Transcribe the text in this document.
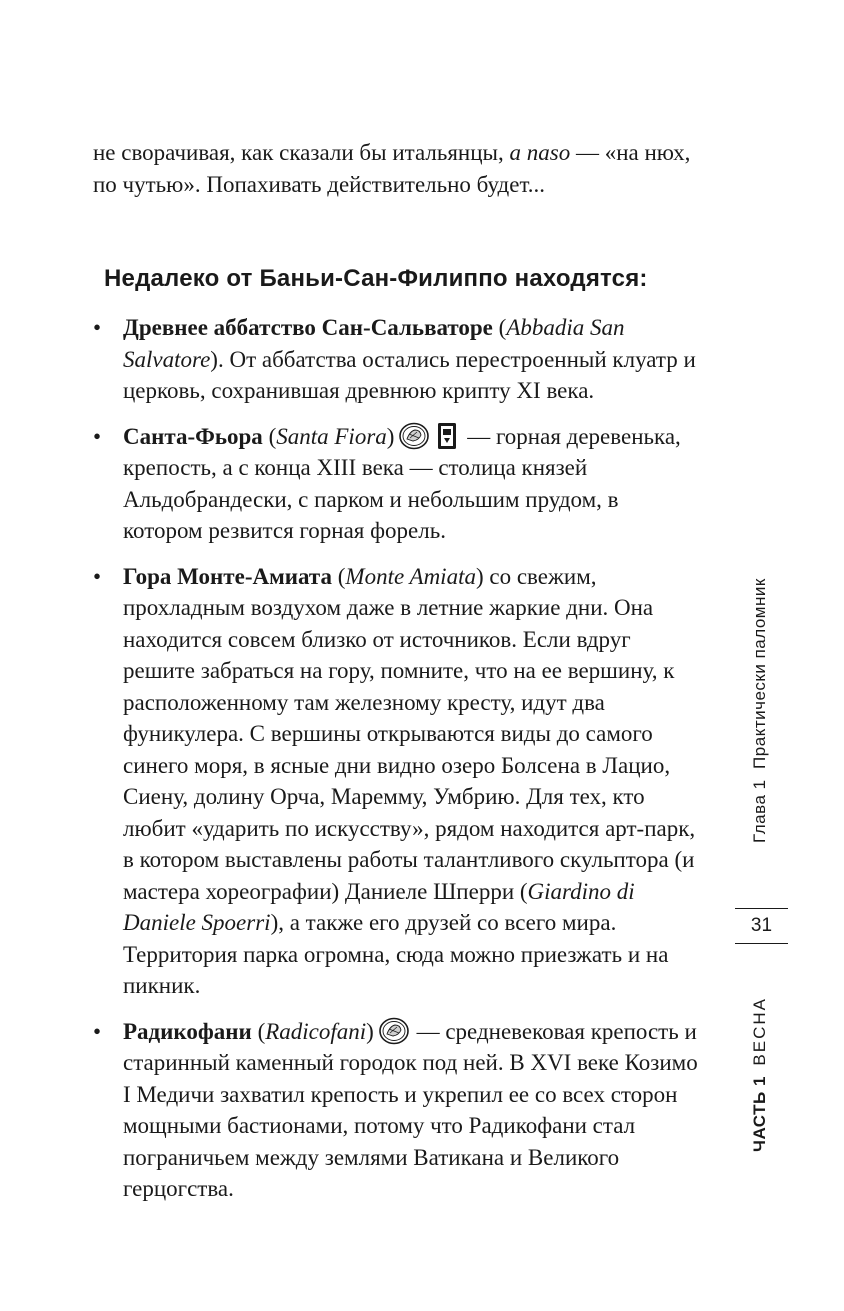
не сворачивая, как сказали бы итальянцы, a naso — «на нюх, по чутью». Попахивать действительно будет...

Недалеко от Баньи-Сан-Филиппо находятся:
• Древнее аббатство Сан-Сальваторе (Abbadia San Salvatore). От аббатства остались перестроенный клуатр и церковь, сохранившая древнюю крипту XI века.
• Санта-Фьора (Santa Fiora)	— горная деревенька, крепость, а с конца XIII века — столица князей Альдобрандески, с парком и небольшим прудом, в котором резвится горная форель.
• Гора Монте-Амиата (Monte Amiata) со свежим, прохладным воздухом даже в летние жаркие дни. Она находится совсем близко от источников. Если вдруг решите забраться на гору, помните, что на ее вершину, к расположенному там железному кресту, идут два фуникулера. С вершины открываются виды до самого синего моря, в ясные дни видно озеро Болсена в Лацио, Сиену, долину Орча, Маремму, Умбрию. Для тех, кто любит «ударить по искусству», рядом находится арт-парк, в котором выставлены работы талантливого скульптора (и мастера хореографии) Даниеле Шперри (Giardino di Daniele Spoerri), а также его друзей со всего мира. Территория парка огромна, сюда можно приезжать и на пикник.
• Радикофани (Radicofani) — средневековая крепость и старинный каменный городок под ней. В XVI веке Козимо I Медичи захватил крепость и укрепил ее со всех сторон мощными бастионами, потому что Радикофани стал пограничьем между землями Ватикана и Великого герцогства.
Глава 1  Практически паломник
31
ЧАСТЬ 1  ВЕСНА
